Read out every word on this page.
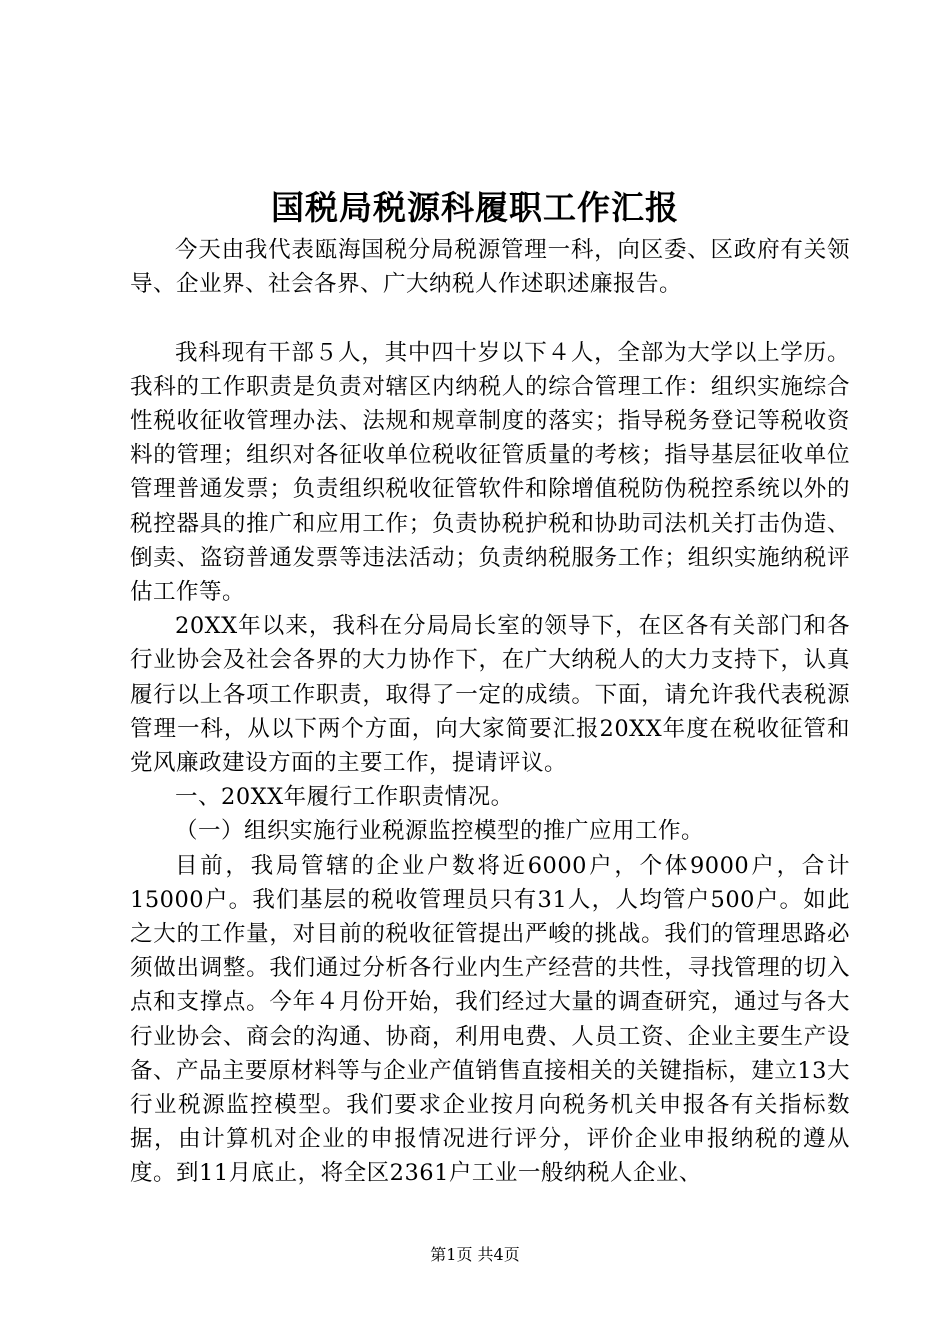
国税局税源科履职工作汇报

今天由我代表瓯海国税分局税源管理一科，向区委、区政府有关领导、企业界、社会各界、广大纳税人作述职述廉报告。

我科现有干部５人，其中四十岁以下４人，全部为大学以上学历。我科的工作职责是负责对辖区内纳税人的综合管理工作：组织实施综合性税收征收管理办法、法规和规章制度的落实；指导税务登记等税收资料的管理；组织对各征收单位税收征管质量的考核；指导基层征收单位管理普通发票；负责组织税收征管软件和除增值税防伪税控系统以外的税控器具的推广和应用工作；负责协税护税和协助司法机关打击伪造、倒卖、盗窃普通发票等违法活动；负责纳税服务工作；组织实施纳税评估工作等。

20XX年以来，我科在分局局长室的领导下，在区各有关部门和各行业协会及社会各界的大力协作下，在广大纳税人的大力支持下，认真履行以上各项工作职责，取得了一定的成绩。下面，请允许我代表税源管理一科，从以下两个方面，向大家简要汇报20XX年度在税收征管和党风廉政建设方面的主要工作，提请评议。

一、20XX年履行工作职责情况。

（一）组织实施行业税源监控模型的推广应用工作。

目前，我局管辖的企业户数将近6000户，个体9000户，合计15000户。我们基层的税收管理员只有31人，人均管户500户。如此之大的工作量，对目前的税收征管提出严峻的挑战。我们的管理思路必须做出调整。我们通过分析各行业内生产经营的共性，寻找管理的切入点和支撑点。今年４月份开始，我们经过大量的调查研究，通过与各大行业协会、商会的沟通、协商，利用电费、人员工资、企业主要生产设备、产品主要原材料等与企业产值销售直接相关的关键指标，建立13大行业税源监控模型。我们要求企业按月向税务机关申报各有关指标数据，由计算机对企业的申报情况进行评分，评价企业申报纳税的遵从度。到11月底止，将全区2361户工业一般纳税人企业、

第1页 共4页
